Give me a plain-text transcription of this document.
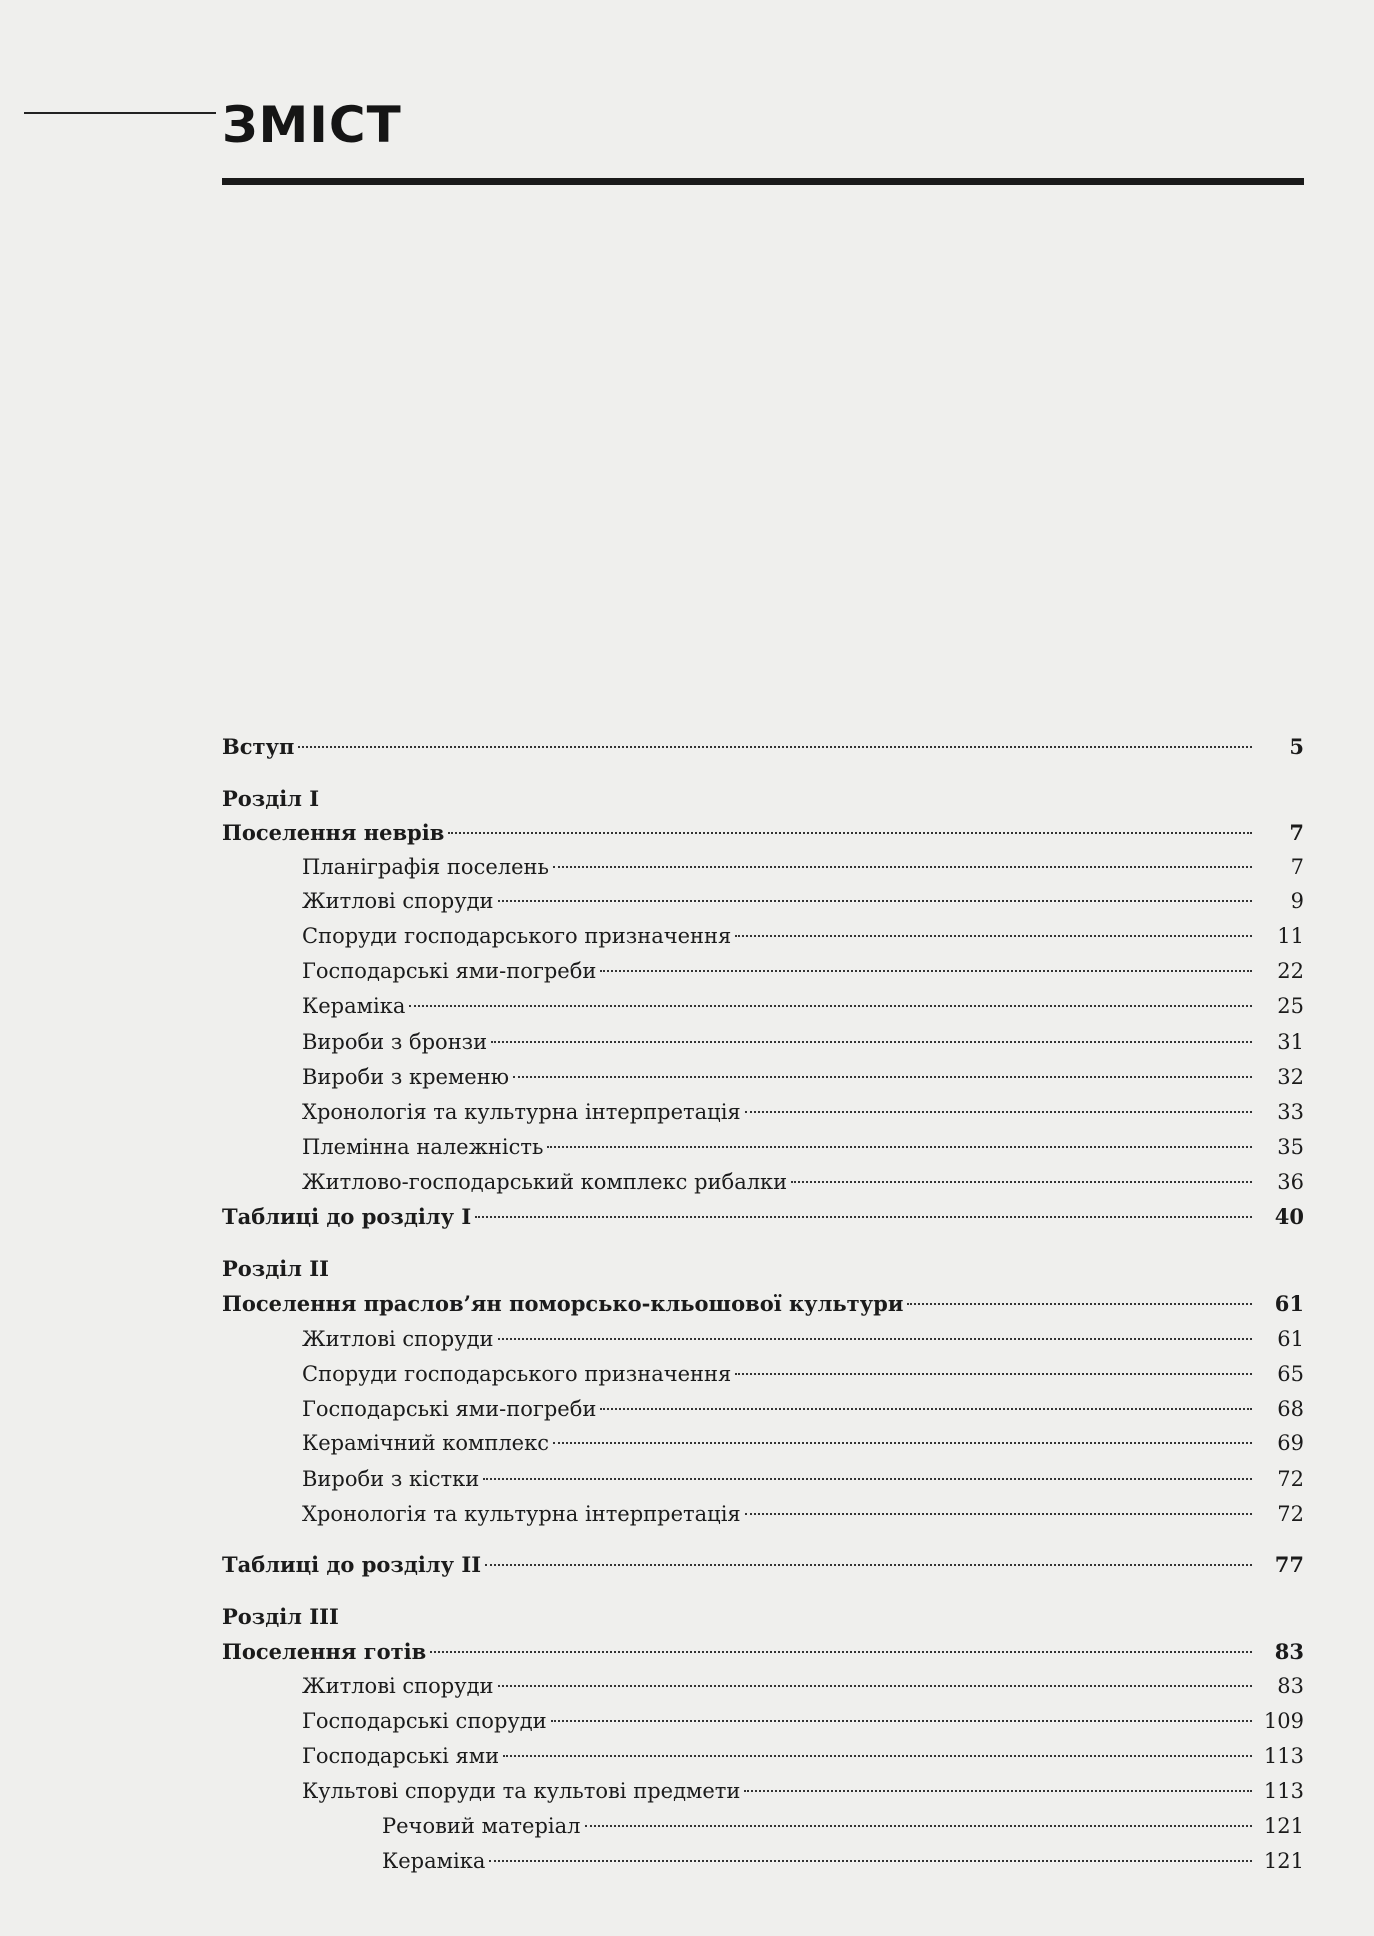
ЗМІСТ
Вступ	5
Розділ I
Поселення неврів	7
Планіграфія поселень	7
Житлові споруди	9
Споруди господарського призначення	11
Господарські ями-погреби	22
Кераміка	25
Вироби з бронзи	31
Вироби з кременю	32
Хронологія та культурна інтерпретація	33
Племінна належність	35
Житлово-господарський комплекс рибалки	36
Таблиці до розділу I	40
Розділ II
Поселення праслов’ян поморсько-кльошової культури	61
Житлові споруди	61
Споруди господарського призначення	65
Господарські ями-погреби	68
Керамічний комплекс	69
Вироби з кістки	72
Хронологія та культурна інтерпретація	72
Таблиці до розділу II	77
Розділ III
Поселення готів	83
Житлові споруди	83
Господарські споруди	109
Господарські ями	113
Культові споруди та культові предмети	113
Речовий матеріал	121
Кераміка	121
